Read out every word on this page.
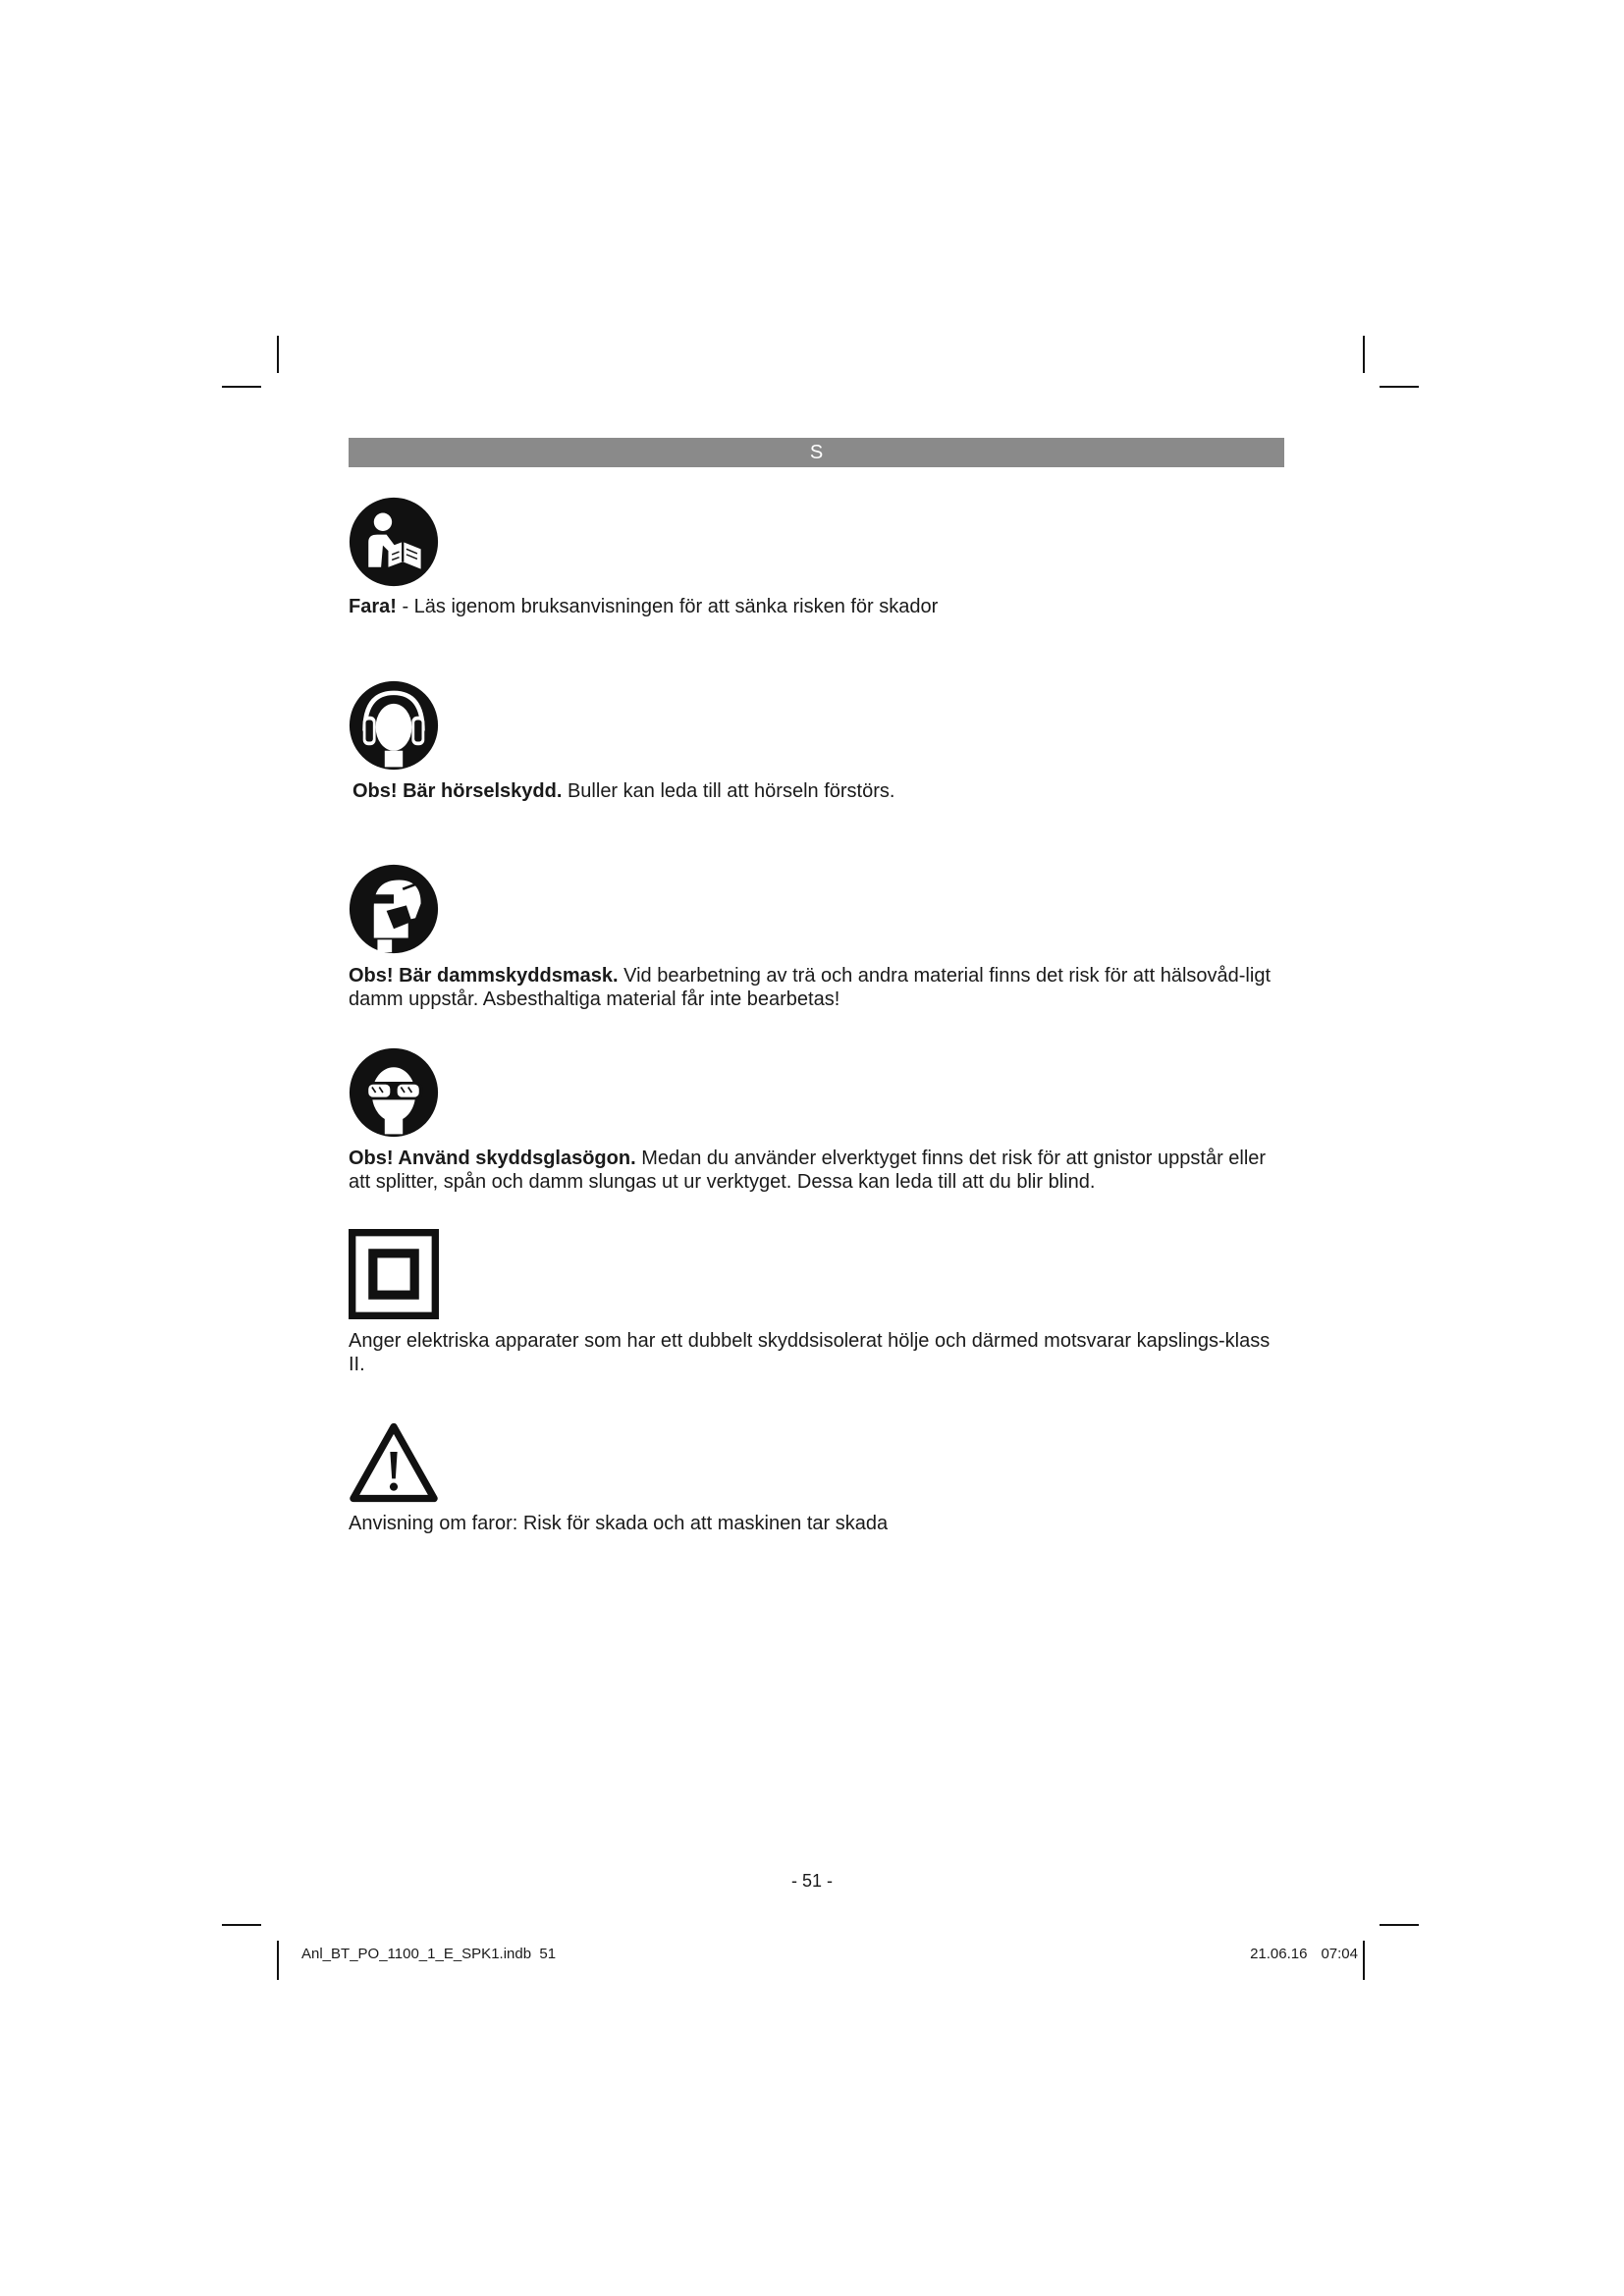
S
Fara! - Läs igenom bruksanvisningen för att sänka risken för skador
Obs! Bär hörselskydd. Buller kan leda till att hörseln förstörs.
Obs! Bär dammskyddsmask. Vid bearbetning av trä och andra material finns det risk för att hälsovåd-ligt damm uppstår. Asbesthaltiga material får inte bearbetas!
Obs! Använd skyddsglasögon. Medan du använder elverktyget finns det risk för att gnistor uppstår eller att splitter, spån och damm slungas ut ur verktyget. Dessa kan leda till att du blir blind.
Anger elektriska apparater som har ett dubbelt skyddsisolerat hölje och därmed motsvarar kapslings-klass II.
Anvisning om faror: Risk för skada och att maskinen tar skada
- 51 -
Anl_BT_PO_1100_1_E_SPK1.indb 51	21.06.16 07:04
